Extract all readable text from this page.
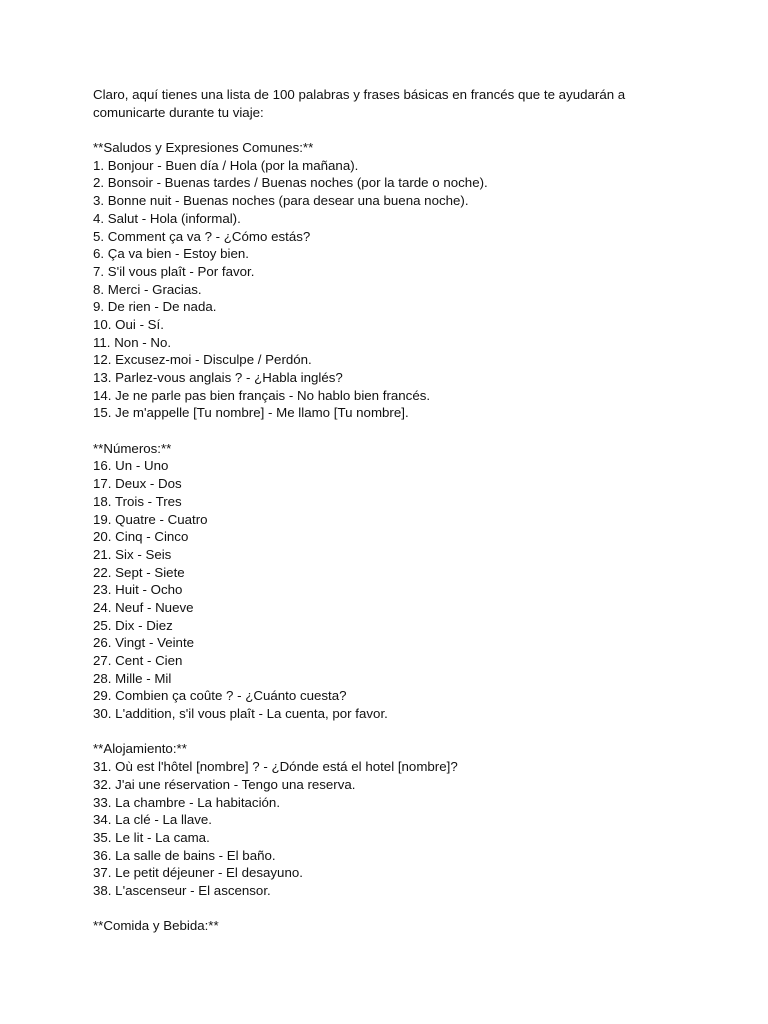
Claro, aquí tienes una lista de 100 palabras y frases básicas en francés que te ayudarán a
comunicarte durante tu viaje:
**Saludos y Expresiones Comunes:**
1. Bonjour - Buen día / Hola (por la mañana).
2. Bonsoir - Buenas tardes / Buenas noches (por la tarde o noche).
3. Bonne nuit - Buenas noches (para desear una buena noche).
4. Salut - Hola (informal).
5. Comment ça va ? - ¿Cómo estás?
6. Ça va bien - Estoy bien.
7. S'il vous plaît - Por favor.
8. Merci - Gracias.
9. De rien - De nada.
10. Oui - Sí.
11. Non - No.
12. Excusez-moi - Disculpe / Perdón.
13. Parlez-vous anglais ? - ¿Habla inglés?
14. Je ne parle pas bien français - No hablo bien francés.
15. Je m'appelle [Tu nombre] - Me llamo [Tu nombre].
**Números:**
16. Un - Uno
17. Deux - Dos
18. Trois - Tres
19. Quatre - Cuatro
20. Cinq - Cinco
21. Six - Seis
22. Sept - Siete
23. Huit - Ocho
24. Neuf - Nueve
25. Dix - Diez
26. Vingt - Veinte
27. Cent - Cien
28. Mille - Mil
29. Combien ça coûte ? - ¿Cuánto cuesta?
30. L'addition, s'il vous plaît - La cuenta, por favor.
**Alojamiento:**
31. Où est l'hôtel [nombre] ? - ¿Dónde está el hotel [nombre]?
32. J'ai une réservation - Tengo una reserva.
33. La chambre - La habitación.
34. La clé - La llave.
35. Le lit - La cama.
36. La salle de bains - El baño.
37. Le petit déjeuner - El desayuno.
38. L'ascenseur - El ascensor.
**Comida y Bebida:**
